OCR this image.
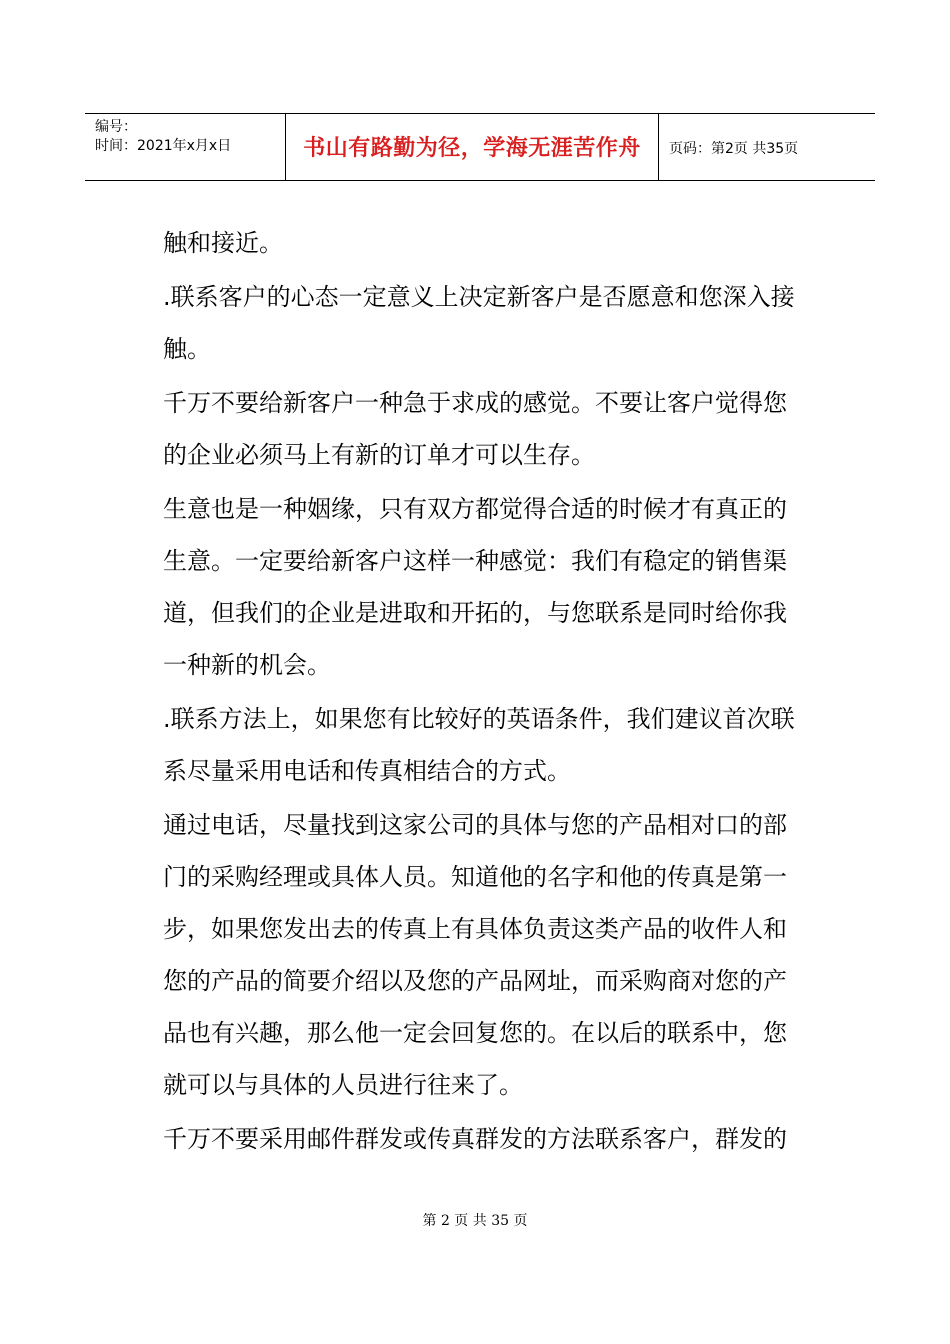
编号：
时间：2021年x月x日	书山有路勤为径，学海无涯苦作舟	页码：第2页 共35页

触和接近。

.联系客户的心态一定意义上决定新客户是否愿意和您深入接
触。

千万不要给新客户一种急于求成的感觉。不要让客户觉得您
的企业必须马上有新的订单才可以生存。

生意也是一种姻缘，只有双方都觉得合适的时候才有真正的
生意。一定要给新客户这样一种感觉：我们有稳定的销售渠
道，但我们的企业是进取和开拓的，与您联系是同时给你我
一种新的机会。

.联系方法上，如果您有比较好的英语条件，我们建议首次联
系尽量采用电话和传真相结合的方式。

通过电话，尽量找到这家公司的具体与您的产品相对口的部
门的采购经理或具体人员。知道他的名字和他的传真是第一
步，如果您发出去的传真上有具体负责这类产品的收件人和
您的产品的简要介绍以及您的产品网址，而采购商对您的产
品也有兴趣，那么他一定会回复您的。在以后的联系中，您
就可以与具体的人员进行往来了。

千万不要采用邮件群发或传真群发的方法联系客户，群发的

第 2 页 共 35 页
